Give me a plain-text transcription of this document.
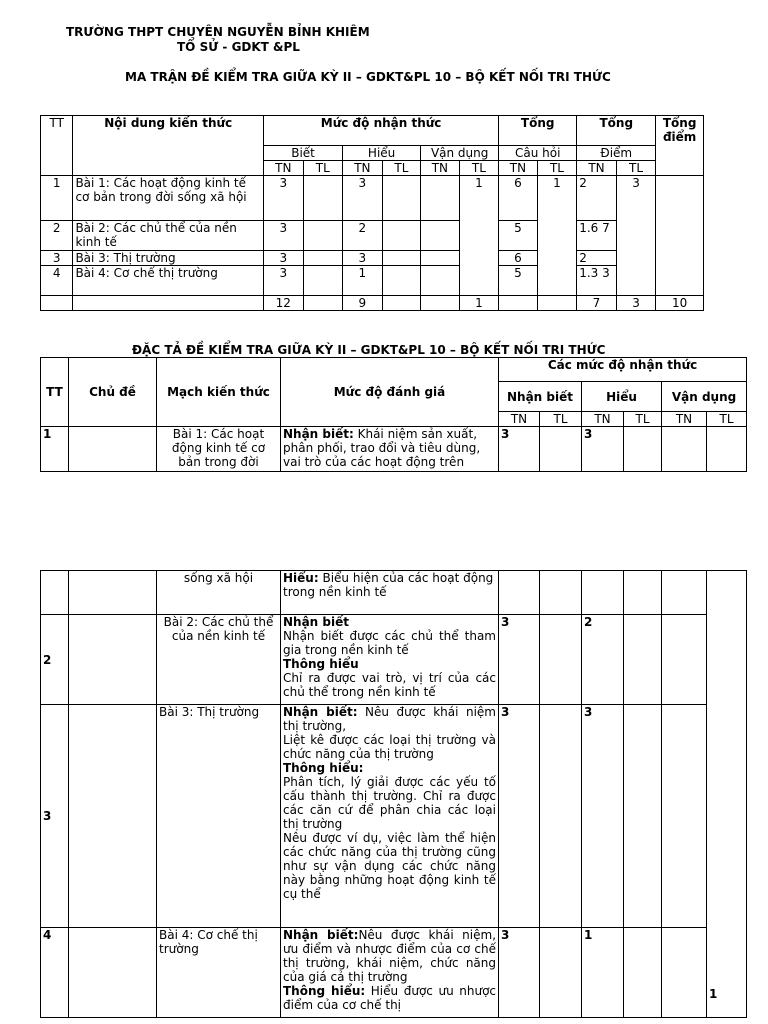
TRƯỜNG THPT CHUYÊN NGUYỄN BỈNH KHIÊM
TỔ SỬ - GDKT &PL
MA TRẬN ĐỀ KIỂM TRA GIỮA KỲ II – GDKT&PL 10 – BỘ KẾT NỐI TRI THỨC
TT	Nội dung kiến thức	Mức độ nhận thức						Tổng		Tổng		Tổng điểm
		Biết		Hiểu		Vận dụng		Câu hỏi		Điểm		
		TN	TL	TN	TL	TN	TL	TN	TL	TN	TL	
1	Bài 1: Các hoạt động kinh tế cơ bản trong đời sống xã hội	3		3			1	6	1	2	3	

2	Bài 2: Các chủ thể của nền kinh tế	3		2				5		1.6 7		
3	Bài 3: Thị trường	3		3				6		2		
4	Bài 4: Cơ chế thị trường	3		1				5		1.3 3		
		12		9			1			7	3	10
ĐẶC TẢ ĐỀ KIỂM TRA GIỮA KỲ II – GDKT&PL 10 – BỘ KẾT NỐI TRI THỨC
TT	Chủ đề	Mạch kiến thức	Mức độ đánh giá	Các mức độ nhận thức					
				Nhận biết		Hiểu		Vận dụng	
				TN	TL	TN	TL	TN	TL
1		Bài 1: Các hoạt động kinh tế cơ bản trong đời	Nhận biết: Khái niệm sản xuất, phân phối, trao đổi và tiêu dùng, vai trò của các hoạt động trên	3		3			
		sống xã hội	Hiểu: Biểu hiện của các hoạt động trong nền kinh tế						1

2		Bài 2: Các chủ thể của nền kinh tế	Nhận biết
Nhận biết được các chủ thể tham gia trong nền kinh tế
Thông hiểu
Chỉ ra được vai trò, vị trí của các chủ thể trong nền kinh tế	3		2			
3		Bài 3: Thị trường	Nhận biết: Nêu được khái niệm thị trường,
Liệt kê được các loại thị trường và chức năng của thị trường
Thông hiểu:
Phân tích, lý giải được các yếu tố cấu thành thị trường. Chỉ ra được các căn cứ để phân chia các loại thị trường
Nêu được ví dụ, việc làm thể hiện các chức năng của thị trường cũng như sự vận dụng các chức năng này bằng những hoạt động kinh tế cụ thể	3		3			
4		Bài 4: Cơ chế thị trường	Nhận biết:Nêu được khái niệm, ưu điểm và nhược điểm của cơ chế thị trường, khái niệm, chức năng của giá cả thị trường
Thông hiểu: Hiểu được ưu nhược điểm của cơ chế thị	3		1			
